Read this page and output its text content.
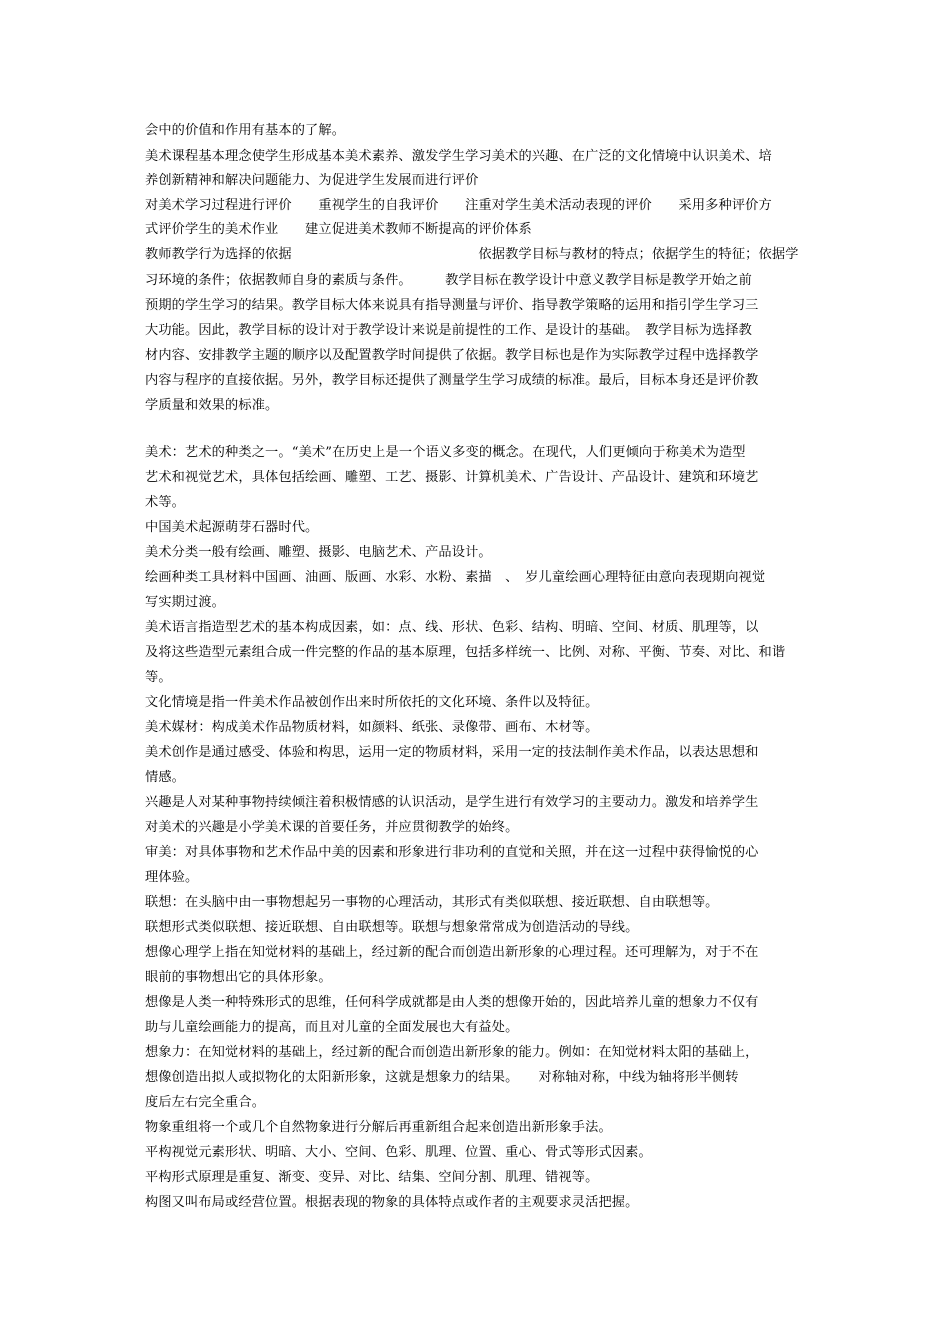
会中的价值和作用有基本的了解。
美术课程基本理念使学生形成基本美术素养、激发学生学习美术的兴趣、在广泛的文化情境中认识美术、培
养创新精神和解决问题能力、为促进学生发展而进行评价
对美术学习过程进行评价　　重视学生的自我评价　　注重对学生美术活动表现的评价　　采用多种评价方
式评价学生的美术作业　　建立促进美术教师不断提高的评价体系
教师教学行为选择的依据　　　　　　　　　　　　　　依据教学目标与教材的特点；依据学生的特征；依据学
习环境的条件；依据教师自身的素质与条件。　　　教学目标在教学设计中意义教学目标是教学开始之前
预期的学生学习的结果。教学目标大体来说具有指导测量与评价、指导教学策略的运用和指引学生学习三
大功能。因此，教学目标的设计对于教学设计来说是前提性的工作、是设计的基础。　教学目标为选择教
材内容、安排教学主题的顺序以及配置教学时间提供了依据。教学目标也是作为实际教学过程中选择教学
内容与程序的直接依据。另外，教学目标还提供了测量学生学习成绩的标准。最后，目标本身还是评价教
学质量和效果的标准。
美术：艺术的种类之一。“美术”在历史上是一个语义多变的概念。在现代，人们更倾向于称美术为造型
艺术和视觉艺术，具体包括绘画、雕塑、工艺、摄影、计算机美术、广告设计、产品设计、建筑和环境艺
术等。
中国美术起源萌芽石器时代。
美术分类一般有绘画、雕塑、摄影、电脑艺术、产品设计。
绘画种类工具材料中国画、油画、版画、水彩、水粉、素描　、　岁儿童绘画心理特征由意向表现期向视觉
写实期过渡。
美术语言指造型艺术的基本构成因素，如：点、线、形状、色彩、结构、明暗、空间、材质、肌理等，以
及将这些造型元素组合成一件完整的作品的基本原理，包括多样统一、比例、对称、平衡、节奏、对比、和谐
等。
文化情境是指一件美术作品被创作出来时所依托的文化环境、条件以及特征。
美术媒材：构成美术作品物质材料，如颜料、纸张、录像带、画布、木材等。
美术创作是通过感受、体验和构思，运用一定的物质材料，采用一定的技法制作美术作品，以表达思想和
情感。
兴趣是人对某种事物持续倾注着积极情感的认识活动，是学生进行有效学习的主要动力。激发和培养学生
对美术的兴趣是小学美术课的首要任务，并应贯彻教学的始终。
审美：对具体事物和艺术作品中美的因素和形象进行非功利的直觉和关照，并在这一过程中获得愉悦的心
理体验。
联想：在头脑中由一事物想起另一事物的心理活动，其形式有类似联想、接近联想、自由联想等。
联想形式类似联想、接近联想、自由联想等。联想与想象常常成为创造活动的导线。
想像心理学上指在知觉材料的基础上，经过新的配合而创造出新形象的心理过程。还可理解为，对于不在
眼前的事物想出它的具体形象。
想像是人类一种特殊形式的思维，任何科学成就都是由人类的想像开始的，因此培养儿童的想象力不仅有
助与儿童绘画能力的提高，而且对儿童的全面发展也大有益处。
想象力：在知觉材料的基础上，经过新的配合而创造出新形象的能力。例如：在知觉材料太阳的基础上，
想像创造出拟人或拟物化的太阳新形象，这就是想象力的结果。　　对称轴对称，中线为轴将形半侧转
度后左右完全重合。
物象重组将一个或几个自然物象进行分解后再重新组合起来创造出新形象手法。
平构视觉元素形状、明暗、大小、空间、色彩、肌理、位置、重心、骨式等形式因素。
平构形式原理是重复、渐变、变异、对比、结集、空间分割、肌理、错视等。
构图又叫布局或经营位置。根据表现的物象的具体特点或作者的主观要求灵活把握。
